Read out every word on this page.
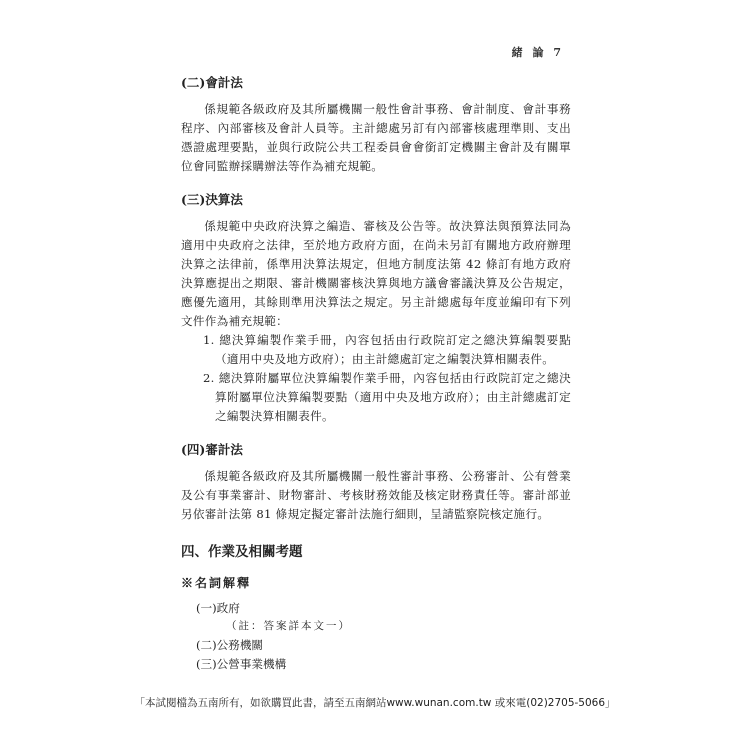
緒 論 7

(二)會計法

係規範各級政府及其所屬機關一般性會計事務、會計制度、會計事務程序、內部審核及會計人員等。主計總處另訂有內部審核處理準則、支出憑證處理要點，並與行政院公共工程委員會會銜訂定機關主會計及有關單位會同監辦採購辦法等作為補充規範。

(三)決算法

係規範中央政府決算之編造、審核及公告等。故決算法與預算法同為適用中央政府之法律，至於地方政府方面，在尚未另訂有關地方政府辦理決算之法律前，係準用決算法規定，但地方制度法第 42 條訂有地方政府決算應提出之期限、審計機關審核決算與地方議會審議決算及公告規定，應優先適用，其餘則準用決算法之規定。另主計總處每年度並編印有下列文件作為補充規範：

1. 總決算編製作業手冊，內容包括由行政院訂定之總決算編製要點（適用中央及地方政府）；由主計總處訂定之編製決算相關表件。
2. 總決算附屬單位決算編製作業手冊，內容包括由行政院訂定之總決算附屬單位決算編製要點（適用中央及地方政府）；由主計總處訂定之編製決算相關表件。

(四)審計法

係規範各級政府及其所屬機關一般性審計事務、公務審計、公有營業及公有事業審計、財物審計、考核財務效能及核定財務責任等。審計部並另依審計法第 81 條規定擬定審計法施行細則，呈請監察院核定施行。

四、作業及相關考題

※名詞解釋

(一)政府

（註：答案詳本文一）

(二)公務機關

(三)公營事業機構

「本試閱檔為五南所有，如欲購買此書，請至五南網站www.wunan.com.tw 或來電(02)2705-5066」
